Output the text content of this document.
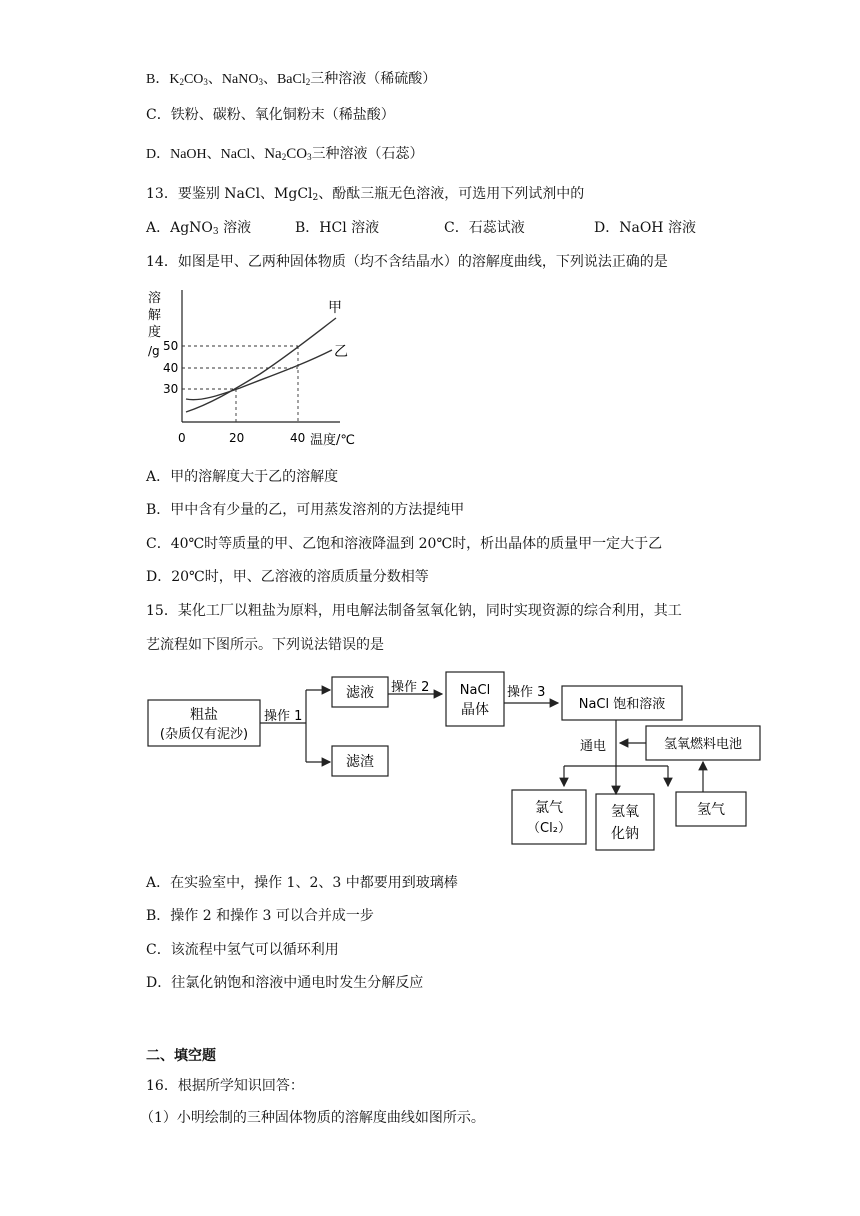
B．$K_2CO_3$、NaNO$_3$、BaCl$_2$三种溶液（稀硫酸）
C．铁粉、碳粉、氧化铜粉末（稀盐酸）
D．NaOH、NaCl、$Na_2CO_3$三种溶液（石蕊）
13．要鉴别 NaCl、MgCl$_2$、酚酞三瓶无色溶液，可选用下列试剂中的
A．AgNO$_3$ 溶液	B．HCl 溶液	C．石蕊试液	D．NaOH 溶液
14．如图是甲、乙两种固体物质（均不含结晶水）的溶解度曲线，下列说法正确的是
溶
解
度
/g 50
40
30
0	20	40 温度/℃
甲
乙
A．甲的溶解度大于乙的溶解度
B．甲中含有少量的乙，可用蒸发溶剂的方法提纯甲
C．40℃时等质量的甲、乙饱和溶液降温到 20℃时，析出晶体的质量甲一定大于乙
D．20℃时，甲、乙溶液的溶质质量分数相等
15．某化工厂以粗盐为原料，用电解法制备氢氧化钠，同时实现资源的综合利用，其工
艺流程如下图所示。下列说法错误的是
粗盐
(杂质仅有泥沙)
操作 1
滤液
滤渣
操作 2 NaCl
晶体
操作 3
NaCl 饱和溶液
通电	氢氧燃料电池
氯气
（Cl₂）
氢氧
化钠
氢气
A．在实验室中，操作 1、2、3 中都要用到玻璃棒
B．操作 2 和操作 3 可以合并成一步
C．该流程中氢气可以循环利用
D．往氯化钠饱和溶液中通电时发生分解反应
二、填空题
16．根据所学知识回答：
（1）小明绘制的三种固体物质的溶解度曲线如图所示。
